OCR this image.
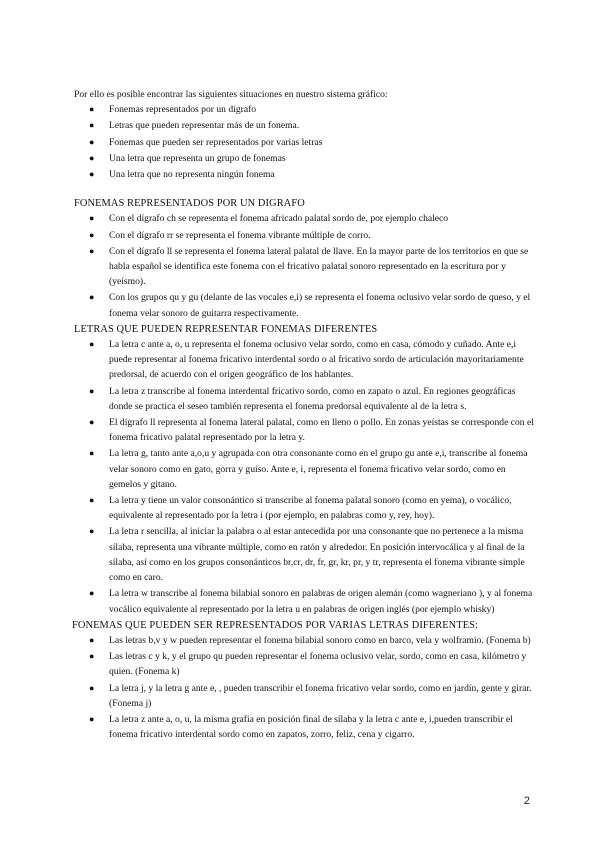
Por ello es posible encontrar las siguientes situaciones en nuestro sistema gráfico:

● Fonemas representados por un dígrafo
● Letras que pueden representar más de un fonema.
● Fonemas que pueden ser representados por varias letras
● Una letra que representa un grupo de fonemas
● Una letra que no representa ningún fonema

FONEMAS REPRESENTADOS POR UN DIGRAFO

● Con el dígrafo ch se representa el fonema africado palatal sordo de, por ejemplo chaleco
● Con el dígrafo rr se representa el fonema vibrante múltiple de corro.
● Con el dígrafo ll se representa el fonema lateral palatal de llave. En la mayor parte de los territorios en que se habla español se identifica este fonema con el fricativo palatal sonoro representado en la escritura por y (yeísmo).
● Con los grupos qu y gu (delante de las vocales e,i) se representa el fonema oclusivo velar sordo de queso, y el fonema velar sonoro de guitarra respectivamente.

LETRAS QUE PUEDEN REPRESENTAR FONEMAS DIFERENTES

● La letra c ante a, o, u representa el fonema oclusivo velar sordo, como en casa, cómodo y cuñado. Ante e,i puede representar al fonema fricativo interdental sordo o al fricativo sordo de articulación mayoritariamente predorsal, de acuerdo con el origen geográfico de los hablantes.
● La letra z transcribe al fonema interdental fricativo sordo, como en zapato o azul. En regiones geográficas donde se practica el seseo también representa el fonema predorsal equivalente al de la letra s.
● El dígrafo ll representa al fonema lateral palatal, como en lleno o pollo. En zonas yeístas se corresponde con el fonema fricativo palatal representado por la letra y.
● La letra g, tanto ante a,o,u y agrupada con otra consonante como en el grupo gu ante e,i, transcribe al fonema velar sonoro como en gato, gorra y guiso. Ante e, i, representa el fonema fricativo velar sordo, como en gemelos y gitano.
● La letra y tiene un valor consonántico si transcribe al fonema palatal sonoro (como en yema), o vocálico, equivalente al representado por la letra i (por ejemplo, en palabras como y, rey, hoy).
● La letra r sencilla, al iniciar la palabra o al estar antecedida por una consonante que no pertenece a la misma sílaba, representa una vibrante múltiple, como en ratón y alrededor. En posición intervocálica y al final de la sílaba, así como en los grupos consonánticos br,cr, dr, fr, gr, kr, pr, y tr, representa el fonema vibrante simple como en caro.
● La letra w transcribe al fonema bilabial sonoro en palabras de origen alemán (como wagneriano ), y al fonema vocálico equivalente al representado por la letra u en palabras de origen inglés (por ejemplo whisky)

FONEMAS QUE PUEDEN SER REPRESENTADOS POR VARIAS LETRAS DIFERENTES:

● Las letras b,v y w pueden representar el fonema bilabial sonoro como en barco, vela y wolframio. (Fonema b)
● Las letras c y k, y el grupo qu pueden representar el fonema oclusivo velar, sordo, como en casa, kilómetro y quien. (Fonema k)
● La letra j, y la letra g ante e, , pueden transcribir el fonema fricativo velar sordo, como en jardín, gente y girar. (Fonema j)
● La letra z ante a, o, u, la misma grafía en posición final de sílaba y la letra c ante e, i,pueden transcribir el fonema fricativo interdental sordo como en zapatos, zorro, feliz, cena y cigarro.
2
